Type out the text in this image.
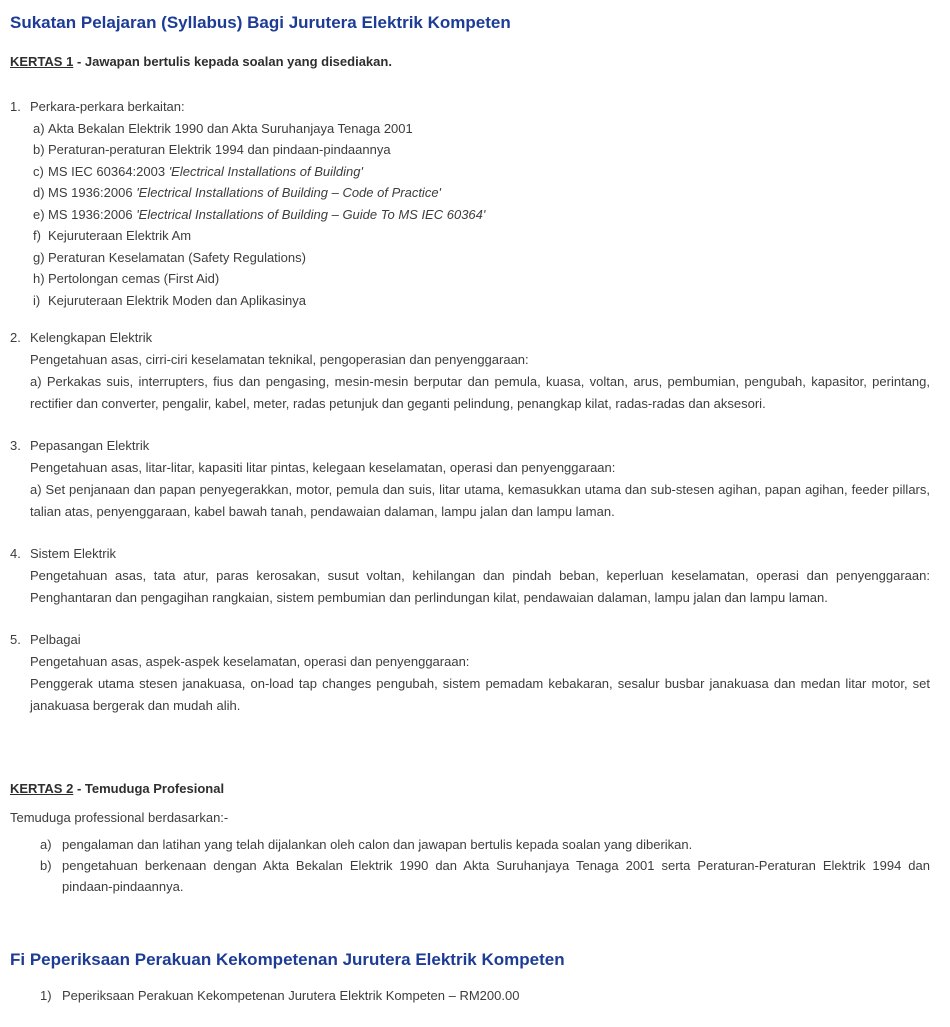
Sukatan Pelajaran (Syllabus) Bagi Jurutera Elektrik Kompeten
KERTAS 1 - Jawapan bertulis kepada soalan yang disediakan.
1. Perkara-perkara berkaitan:
a) Akta Bekalan Elektrik 1990 dan Akta Suruhanjaya Tenaga 2001
b) Peraturan-peraturan Elektrik 1994 dan pindaan-pindaannya
c) MS IEC 60364:2003 'Electrical Installations of Building'
d) MS 1936:2006 'Electrical Installations of Building – Code of Practice'
e) MS 1936:2006 'Electrical Installations of Building – Guide To MS IEC 60364'
f) Kejuruteraan Elektrik Am
g) Peraturan Keselamatan (Safety Regulations)
h) Pertolongan cemas (First Aid)
i) Kejuruteraan Elektrik Moden dan Aplikasinya
2. Kelengkapan Elektrik
Pengetahuan asas, cirri-ciri keselamatan teknikal, pengoperasian dan penyenggaraan:
a) Perkakas suis, interrupters, fius dan pengasing, mesin-mesin berputar dan pemula, kuasa, voltan, arus, pembumian, pengubah, kapasitor, perintang, rectifier dan converter, pengalir, kabel, meter, radas petunjuk dan geganti pelindung, penangkap kilat, radas-radas dan aksesori.
3. Pepasangan Elektrik
Pengetahuan asas, litar-litar, kapasiti litar pintas, kelegaan keselamatan, operasi dan penyenggaraan:
a) Set penjanaan dan papan penyegerakkan, motor, pemula dan suis, litar utama, kemasukkan utama dan sub-stesen agihan, papan agihan, feeder pillars, talian atas, penyenggaraan, kabel bawah tanah, pendawaian dalaman, lampu jalan dan lampu laman.
4. Sistem Elektrik
Pengetahuan asas, tata atur, paras kerosakan, susut voltan, kehilangan dan pindah beban, keperluan keselamatan, operasi dan penyenggaraan: Penghantaran dan pengagihan rangkaian, sistem pembumian dan perlindungan kilat, pendawaian dalaman, lampu jalan dan lampu laman.
5. Pelbagai
Pengetahuan asas, aspek-aspek keselamatan, operasi dan penyenggaraan:
Penggerak utama stesen janakuasa, on-load tap changes pengubah, sistem pemadam kebakaran, sesalur busbar janakuasa dan medan litar motor, set janakuasa bergerak dan mudah alih.
KERTAS 2 - Temuduga Profesional
Temuduga professional berdasarkan:-
a) pengalaman dan latihan yang telah dijalankan oleh calon dan jawapan bertulis kepada soalan yang diberikan.
b) pengetahuan berkenaan dengan Akta Bekalan Elektrik 1990 dan Akta Suruhanjaya Tenaga 2001 serta Peraturan-Peraturan Elektrik 1994 dan pindaan-pindaannya.
Fi Peperiksaan Perakuan Kekompetenan Jurutera Elektrik Kompeten
1) Peperiksaan Perakuan Kekompetenan Jurutera Elektrik Kompeten – RM200.00
